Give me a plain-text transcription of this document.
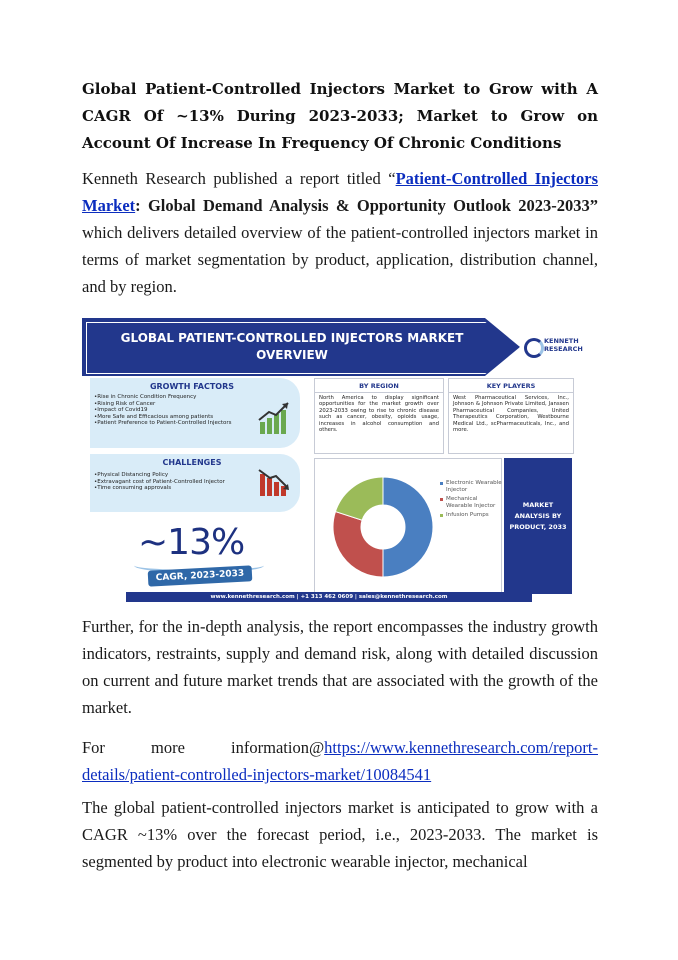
Global Patient-Controlled Injectors Market to Grow with A CAGR Of ~13% During 2023-2033; Market to Grow on Account Of Increase In Frequency Of Chronic Conditions
Kenneth Research published a report titled “Patient-Controlled Injectors Market: Global Demand Analysis & Opportunity Outlook 2023-2033” which delivers detailed overview of the patient-controlled injectors market in terms of market segmentation by product, application, distribution channel, and by region.
GLOBAL PATIENT-CONTROLLED INJECTORS MARKET OVERVIEW
KENNETH
RESEARCH
GROWTH FACTORS
• Rise in Chronic Condition Frequency
• Rising Risk of Cancer
• Impact of Covid19
• More Safe and Efficacious among patients
• Patient Preference to Patient-Controlled Injectors
CHALLENGES
• Physical Distancing Policy
• Extravagant cost of Patient-Controlled Injector
• Time consuming approvals
~13%
CAGR, 2023-2033
BY REGION
North America to display significant opportunities for the market growth over 2023-2033 owing to rise to chronic disease such as cancer, obesity, opioids usage, increases in alcohol consumption and others.
KEY PLAYERS
West Pharmaceutical Services, Inc., Johnson & Johnson Private Limited, Janssen Pharmaceutical Companies, United Therapeutics Corporation, Westbourne Medical Ltd., scPharmaceuticals, Inc., and more.
Electronic Wearable Injector
Mechanical Wearable Injector
Infusion Pumps
MARKET ANALYSIS BY PRODUCT, 2033
www.kennethresearch.com | +1 313 462 0609 | sales@kennethresearch.com
Further, for the in-depth analysis, the report encompasses the industry growth indicators, restraints, supply and demand risk, along with detailed discussion on current and future market trends that are associated with the growth of the market.
For more information@https://www.kennethresearch.com/report-
details/patient-controlled-injectors-market/10084541
The global patient-controlled injectors market is anticipated to grow with a CAGR ~13% over the forecast period, i.e., 2023-2033. The market is segmented by product into electronic wearable injector, mechanical
